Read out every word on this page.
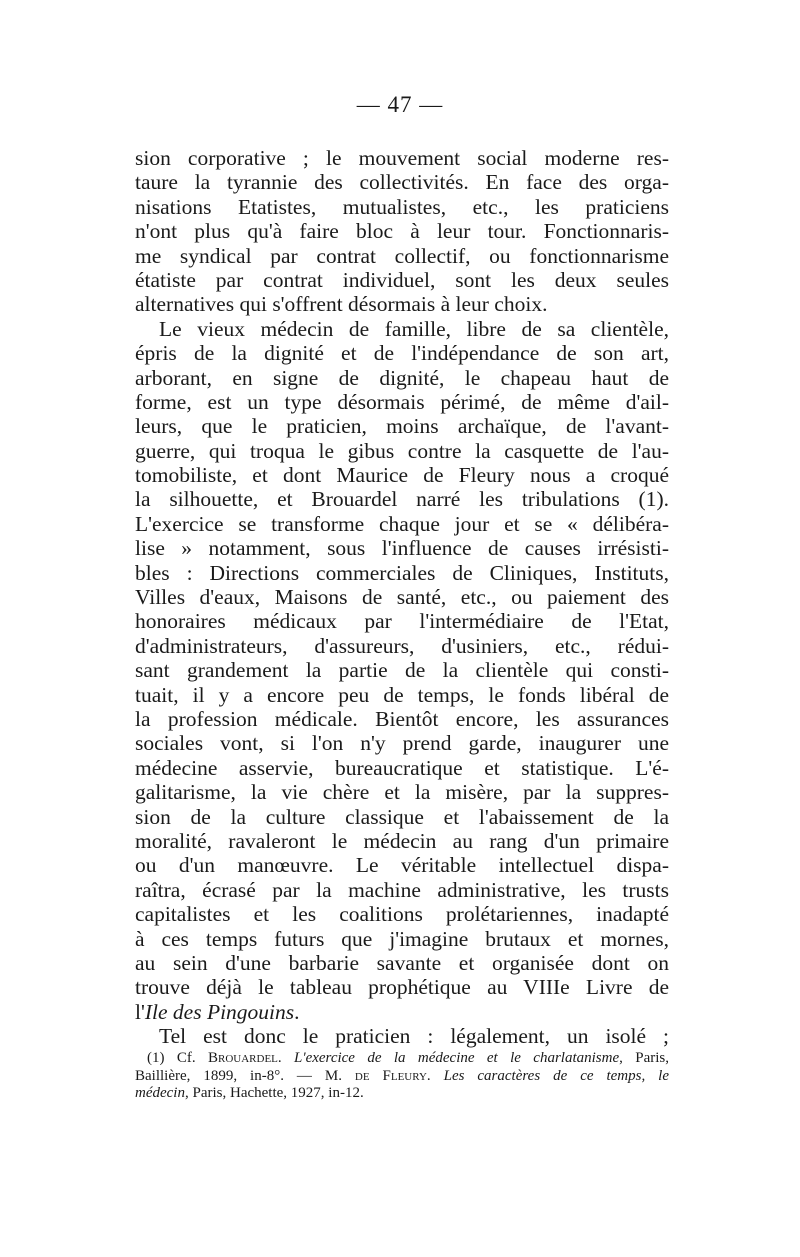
— 47 —
sion corporative ; le mouvement social moderne res-
taure la tyrannie des collectivités. En face des orga-
nisations Etatistes, mutualistes, etc., les praticiens
n'ont plus qu'à faire bloc à leur tour. Fonctionnaris-
me syndical par contrat collectif, ou fonctionnarisme
étatiste par contrat individuel, sont les deux seules
alternatives qui s'offrent désormais à leur choix.
Le vieux médecin de famille, libre de sa clientèle,
épris de la dignité et de l'indépendance de son art,
arborant, en signe de dignité, le chapeau haut de
forme, est un type désormais périmé, de même d'ail-
leurs, que le praticien, moins archaïque, de l'avant-
guerre, qui troqua le gibus contre la casquette de l'au-
tomobiliste, et dont Maurice de Fleury nous a croqué
la silhouette, et Brouardel narré les tribulations (1).
L'exercice se transforme chaque jour et se « délibéra-
lise » notamment, sous l'influence de causes irrésisti-
bles : Directions commerciales de Cliniques, Instituts,
Villes d'eaux, Maisons de santé, etc., ou paiement des
honoraires médicaux par l'intermédiaire de l'Etat,
d'administrateurs, d'assureurs, d'usiniers, etc., rédui-
sant grandement la partie de la clientèle qui consti-
tuait, il y a encore peu de temps, le fonds libéral de
la profession médicale. Bientôt encore, les assurances
sociales vont, si l'on n'y prend garde, inaugurer une
médecine asservie, bureaucratique et statistique. L'é-
galitarisme, la vie chère et la misère, par la suppres-
sion de la culture classique et l'abaissement de la
moralité, ravaleront le médecin au rang d'un primaire
ou d'un manœuvre. Le véritable intellectuel dispa-
raîtra, écrasé par la machine administrative, les trusts
capitalistes et les coalitions prolétariennes, inadapté
à ces temps futurs que j'imagine brutaux et mornes,
au sein d'une barbarie savante et organisée dont on
trouve déjà le tableau prophétique au VIIIe Livre de
l'Ile des Pingouins.
Tel est donc le praticien : légalement, un isolé ;
(1) Cf. Brouardel. L'exercice de la médecine et le charlatanisme, Paris,
Baillière, 1899, in-8°. — M. de Fleury. Les caractères de ce temps, le
médecin, Paris, Hachette, 1927, in-12.
